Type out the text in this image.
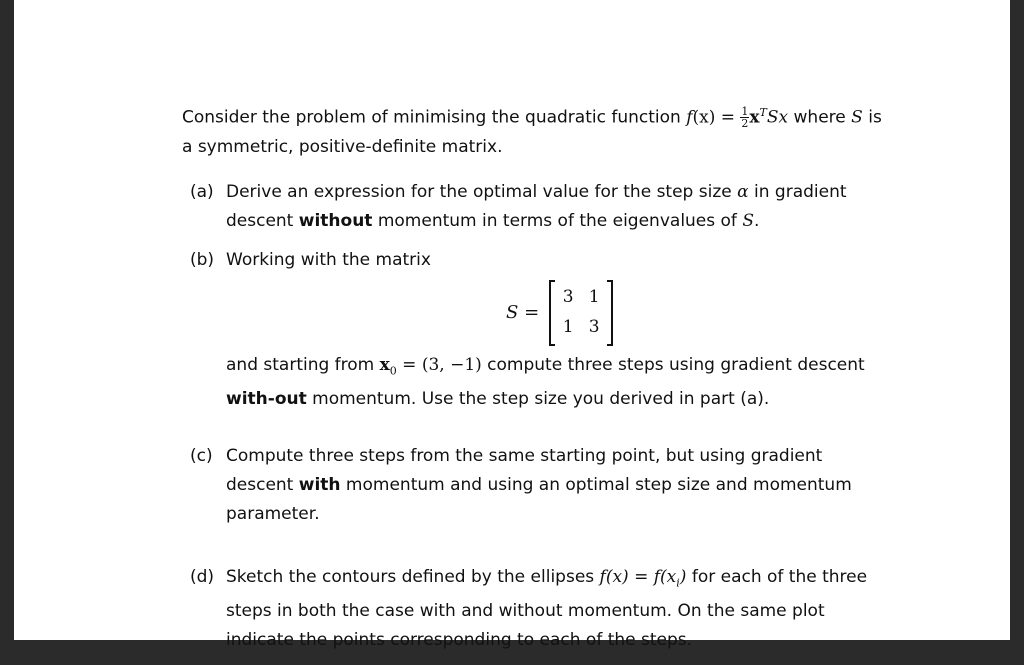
Consider the problem of minimising the quadratic function $f(x) = \frac{1}{2} x^TSx$ where S is a symmetric, positive-definite matrix.

(a) Derive an expression for the optimal value for the step size α in gradient descent without momentum in terms of the eigenvalues of S.
(b) Working with the matrix
S =
3 1
1 3
and starting from $x_0 = (3$, −1) compute three steps using gradient descent with-out momentum. Use the step size you derived in part (a).
(c) Compute three steps from the same starting point, but using gradient descent with momentum and using an optimal step size and momentum parameter.
(d) Sketch the contours defined by the ellipses $f(x) = f(x_i)$ for each of the three steps in both the case with and without momentum. On the same plot indicate the points corresponding to each of the steps.
